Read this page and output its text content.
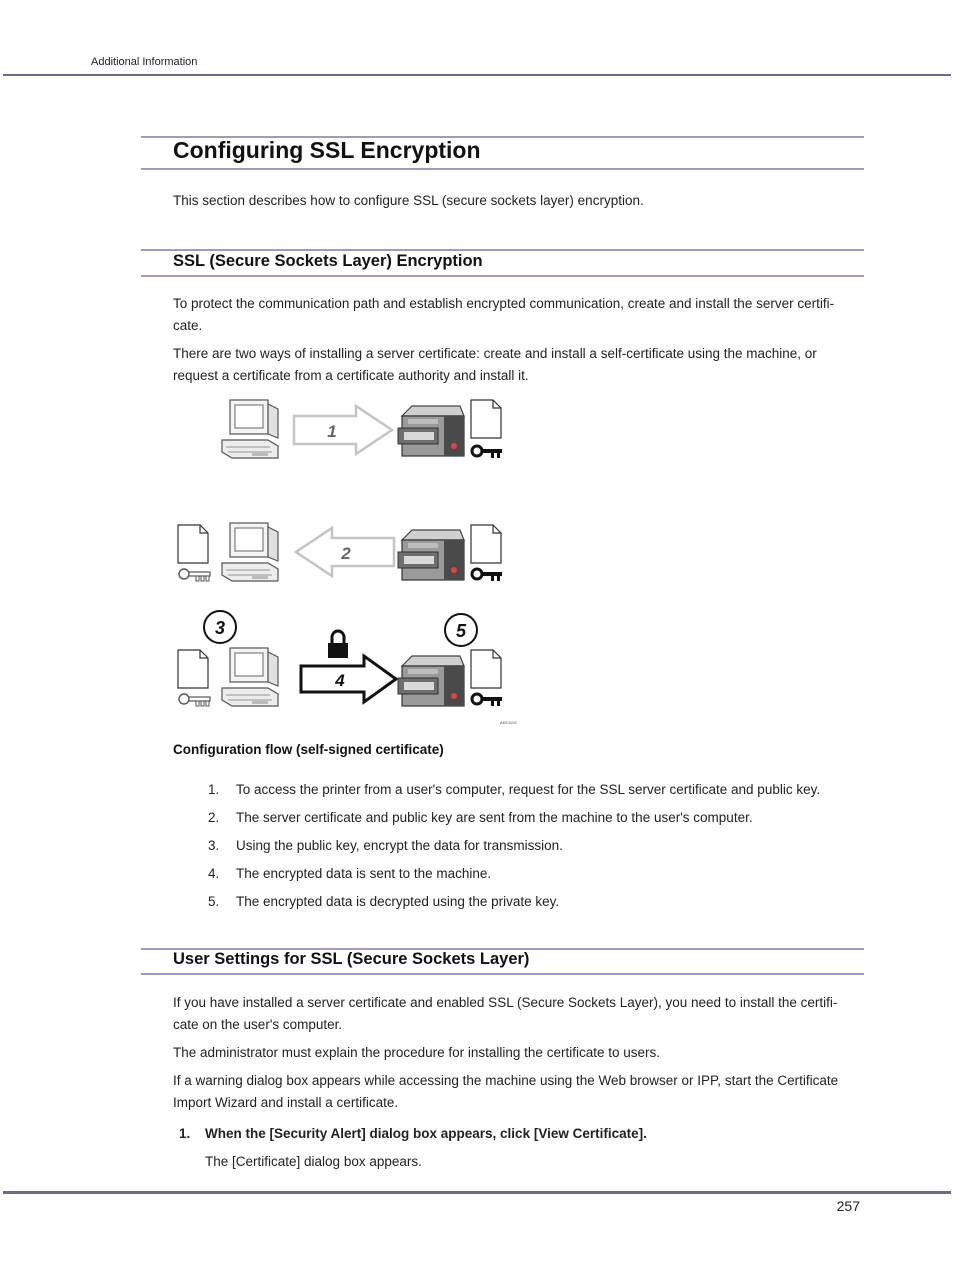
Additional Information
Configuring SSL Encryption

This section describes how to configure SSL (secure sockets layer) encryption.

SSL (Secure Sockets Layer) Encryption

To protect the communication path and establish encrypted communication, create and install the server certifi-
cate.

There are two ways of installing a server certificate: create and install a self-certificate using the machine, or
request a certificate from a certificate authority and install it.

1
2
3
4
5
AKE111S
Configuration flow (self-signed certificate)
1.	To access the printer from a user's computer, request for the SSL server certificate and public key.
2.	The server certificate and public key are sent from the machine to the user's computer.
3.	Using the public key, encrypt the data for transmission.
4.	The encrypted data is sent to the machine.
5.	The encrypted data is decrypted using the private key.
User Settings for SSL (Secure Sockets Layer)

If you have installed a server certificate and enabled SSL (Secure Sockets Layer), you need to install the certifi-
cate on the user's computer.

The administrator must explain the procedure for installing the certificate to users.

If a warning dialog box appears while accessing the machine using the Web browser or IPP, start the Certificate
Import Wizard and install a certificate.

1. When the [Security Alert] dialog box appears, click [View Certificate].
The [Certificate] dialog box appears.
257
